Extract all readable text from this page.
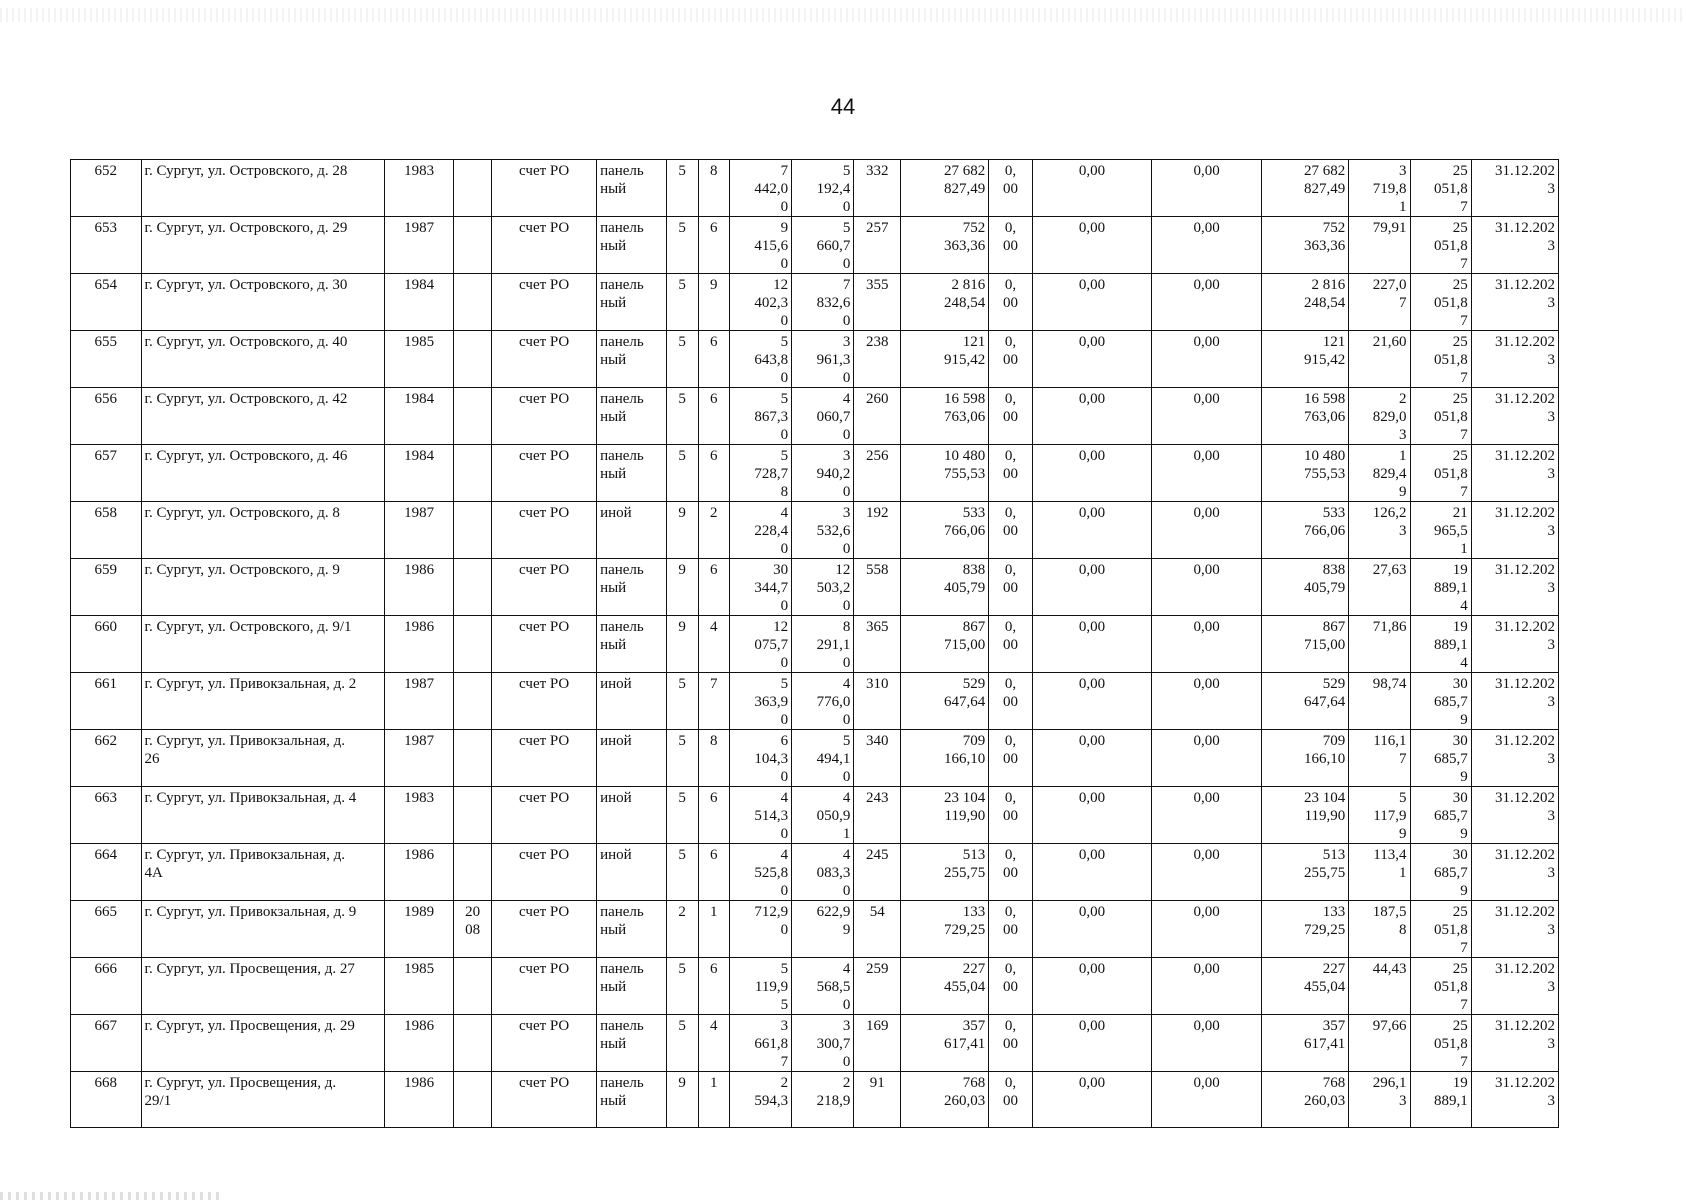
44
652	г. Сургут, ул. Островского, д. 28	1983		счет РО	панель
ный	5	8	7
442,0
0	5
192,4
0	332	27 682
827,49	0,
00	0,00	0,00	27 682
827,49	3
719,8
1	25
051,8
7	31.12.202
3
653	г. Сургут, ул. Островского, д. 29	1987		счет РО	панель
ный	5	6	9
415,6
0	5
660,7
0	257	752
363,36	0,
00	0,00	0,00	752
363,36	79,91	25
051,8
7	31.12.202
3
654	г. Сургут, ул. Островского, д. 30	1984		счет РО	панель
ный	5	9	12
402,3
0	7
832,6
0	355	2 816
248,54	0,
00	0,00	0,00	2 816
248,54	227,0
7	25
051,8
7	31.12.202
3
655	г. Сургут, ул. Островского, д. 40	1985		счет РО	панель
ный	5	6	5
643,8
0	3
961,3
0	238	121
915,42	0,
00	0,00	0,00	121
915,42	21,60	25
051,8
7	31.12.202
3
656	г. Сургут, ул. Островского, д. 42	1984		счет РО	панель
ный	5	6	5
867,3
0	4
060,7
0	260	16 598
763,06	0,
00	0,00	0,00	16 598
763,06	2
829,0
3	25
051,8
7	31.12.202
3
657	г. Сургут, ул. Островского, д. 46	1984		счет РО	панель
ный	5	6	5
728,7
8	3
940,2
0	256	10 480
755,53	0,
00	0,00	0,00	10 480
755,53	1
829,4
9	25
051,8
7	31.12.202
3
658	г. Сургут, ул. Островского, д. 8	1987		счет РО	иной	9	2	4
228,4
0	3
532,6
0	192	533
766,06	0,
00	0,00	0,00	533
766,06	126,2
3	21
965,5
1	31.12.202
3
659	г. Сургут, ул. Островского, д. 9	1986		счет РО	панель
ный	9	6	30
344,7
0	12
503,2
0	558	838
405,79	0,
00	0,00	0,00	838
405,79	27,63	19
889,1
4	31.12.202
3
660	г. Сургут, ул. Островского, д. 9/1	1986		счет РО	панель
ный	9	4	12
075,7
0	8
291,1
0	365	867
715,00	0,
00	0,00	0,00	867
715,00	71,86	19
889,1
4	31.12.202
3
661	г. Сургут, ул. Привокзальная, д. 2	1987		счет РО	иной	5	7	5
363,9
0	4
776,0
0	310	529
647,64	0,
00	0,00	0,00	529
647,64	98,74	30
685,7
9	31.12.202
3
662	г. Сургут, ул. Привокзальная, д.
26	1987		счет РО	иной	5	8	6
104,3
0	5
494,1
0	340	709
166,10	0,
00	0,00	0,00	709
166,10	116,1
7	30
685,7
9	31.12.202
3
663	г. Сургут, ул. Привокзальная, д. 4	1983		счет РО	иной	5	6	4
514,3
0	4
050,9
1	243	23 104
119,90	0,
00	0,00	0,00	23 104
119,90	5
117,9
9	30
685,7
9	31.12.202
3
664	г. Сургут, ул. Привокзальная, д.
4А	1986		счет РО	иной	5	6	4
525,8
0	4
083,3
0	245	513
255,75	0,
00	0,00	0,00	513
255,75	113,4
1	30
685,7
9	31.12.202
3
665	г. Сургут, ул. Привокзальная, д. 9	1989	20
08	счет РО	панель
ный	2	1	712,9
0	622,9
9	54	133
729,25	0,
00	0,00	0,00	133
729,25	187,5
8	25
051,8
7	31.12.202
3
666	г. Сургут, ул. Просвещения, д. 27	1985		счет РО	панель
ный	5	6	5
119,9
5	4
568,5
0	259	227
455,04	0,
00	0,00	0,00	227
455,04	44,43	25
051,8
7	31.12.202
3
667	г. Сургут, ул. Просвещения, д. 29	1986		счет РО	панель
ный	5	4	3
661,8
7	3
300,7
0	169	357
617,41	0,
00	0,00	0,00	357
617,41	97,66	25
051,8
7	31.12.202
3
668	г. Сургут, ул. Просвещения, д.
29/1	1986		счет РО	панель
ный	9	1	2
594,3	2
218,9	91	768
260,03	0,
00	0,00	0,00	768
260,03	296,1
3	19
889,1	31.12.202
3
